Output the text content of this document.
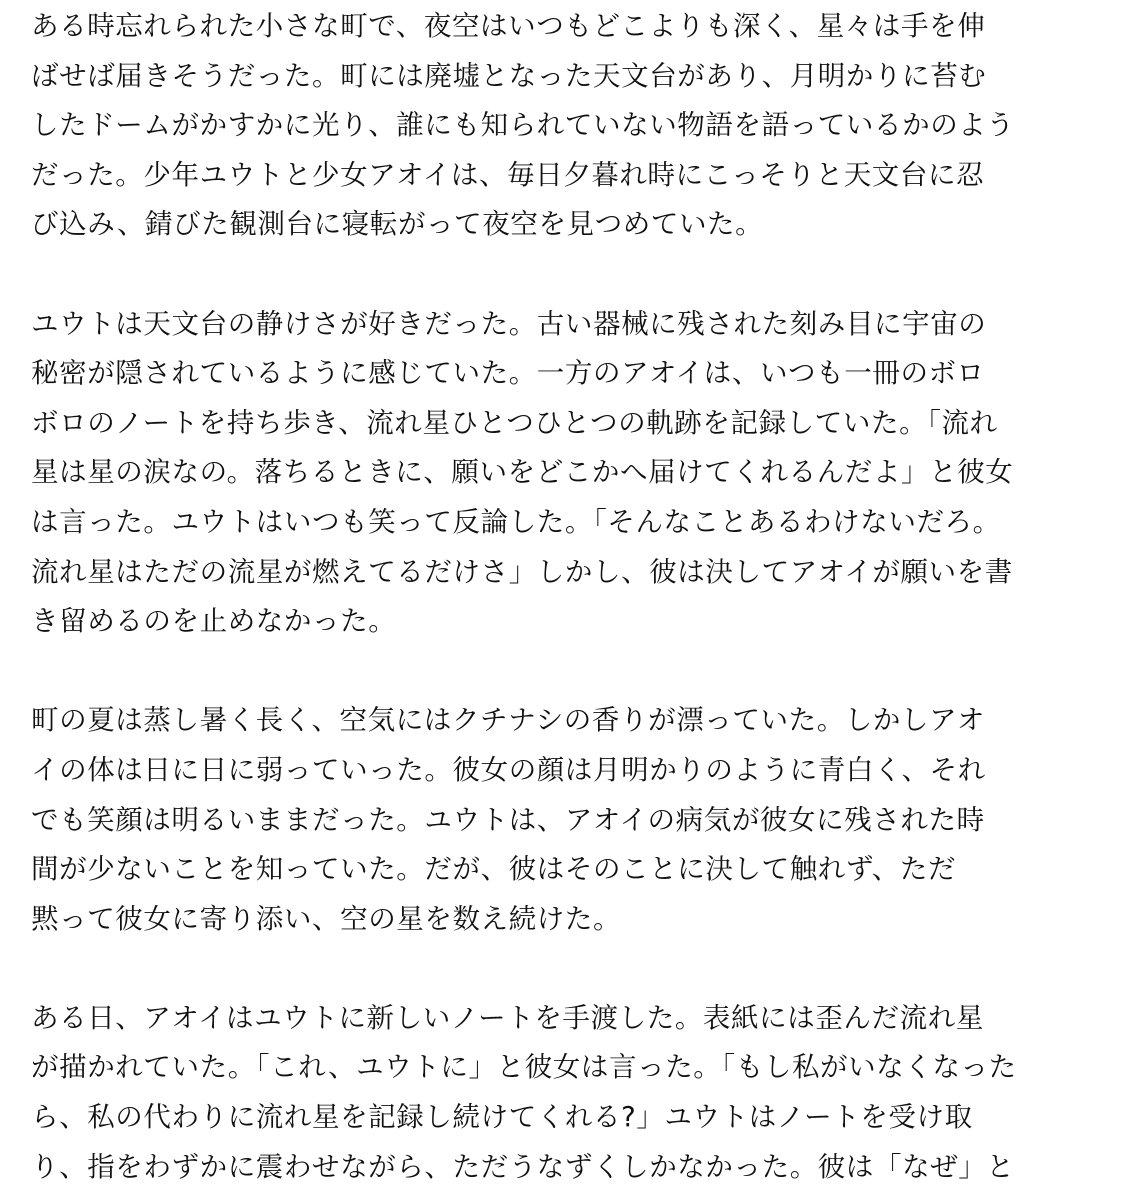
ある時忘れられた小さな町で、夜空はいつもどこよりも深く、星々は手を伸
ばせば届きそうだった。町には廃墟となった天文台があり、月明かりに苔む
したドームがかすかに光り、誰にも知られていない物語を語っているかのよう
だった。少年ユウトと少女アオイは、毎日夕暮れ時にこっそりと天文台に忍
び込み、錆びた観測台に寝転がって夜空を見つめていた。

ユウトは天文台の静けさが好きだった。古い器械に残された刻み目に宇宙の
秘密が隠されているように感じていた。一方のアオイは、いつも一冊のボロ
ボロのノートを持ち歩き、流れ星ひとつひとつの軌跡を記録していた。「流れ
星は星の涙なの。落ちるときに、願いをどこかへ届けてくれるんだよ」と彼女
は言った。ユウトはいつも笑って反論した。「そんなことあるわけないだろ。
流れ星はただの流星が燃えてるだけさ」しかし、彼は決してアオイが願いを書
き留めるのを止めなかった。

町の夏は蒸し暑く長く、空気にはクチナシの香りが漂っていた。しかしアオ
イの体は日に日に弱っていった。彼女の顔は月明かりのように青白く、それ
でも笑顔は明るいままだった。ユウトは、アオイの病気が彼女に残された時
間が少ないことを知っていた。だが、彼はそのことに決して触れず、ただ
黙って彼女に寄り添い、空の星を数え続けた。

ある日、アオイはユウトに新しいノートを手渡した。表紙には歪んだ流れ星
が描かれていた。「これ、ユウトに」と彼女は言った。「もし私がいなくなった
ら、私の代わりに流れ星を記録し続けてくれる?」ユウトはノートを受け取
り、指をわずかに震わせながら、ただうなずくしかなかった。彼は「なぜ」と
